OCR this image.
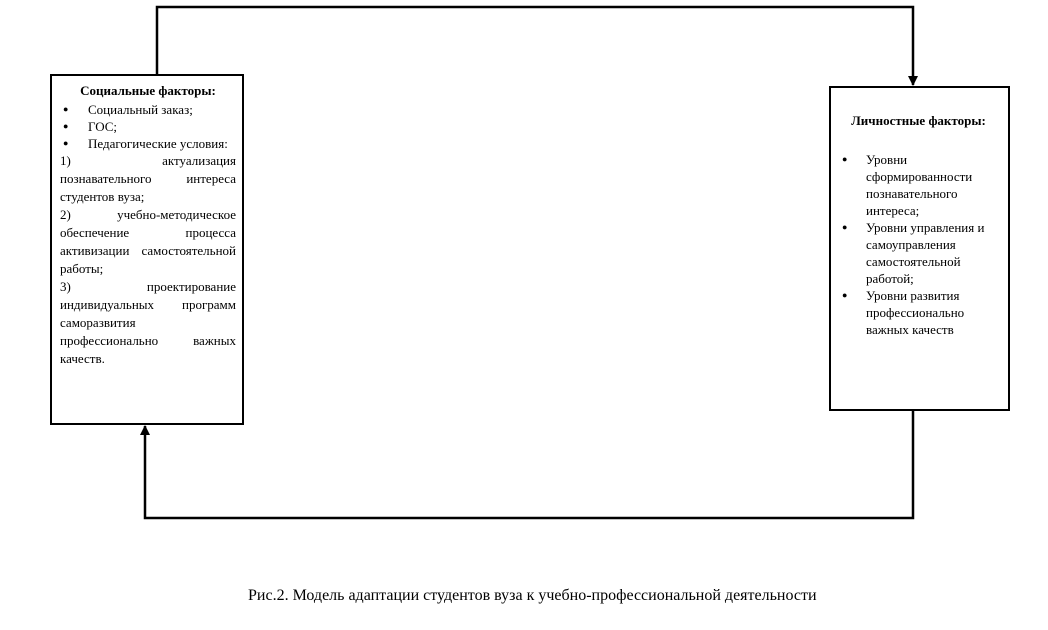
Социальные факторы:
● Социальный заказ;
● ГОС;
● Педагогические условия:

1) актуализация познавательного интереса студентов вуза;

2) учебно-методическое обеспечение процесса активизации самостоятельной работы;

3) проектирование индивидуальных программ саморазвития профессионально важных качеств.

Личностные факторы:
● Уровни сформированности познавательного интереса;
● Уровни управления и самоуправления самостоятельной работой;
● Уровни развития профессионально важных качеств
Рис.2. Модель адаптации студентов вуза к учебно-профессиональной деятельности
